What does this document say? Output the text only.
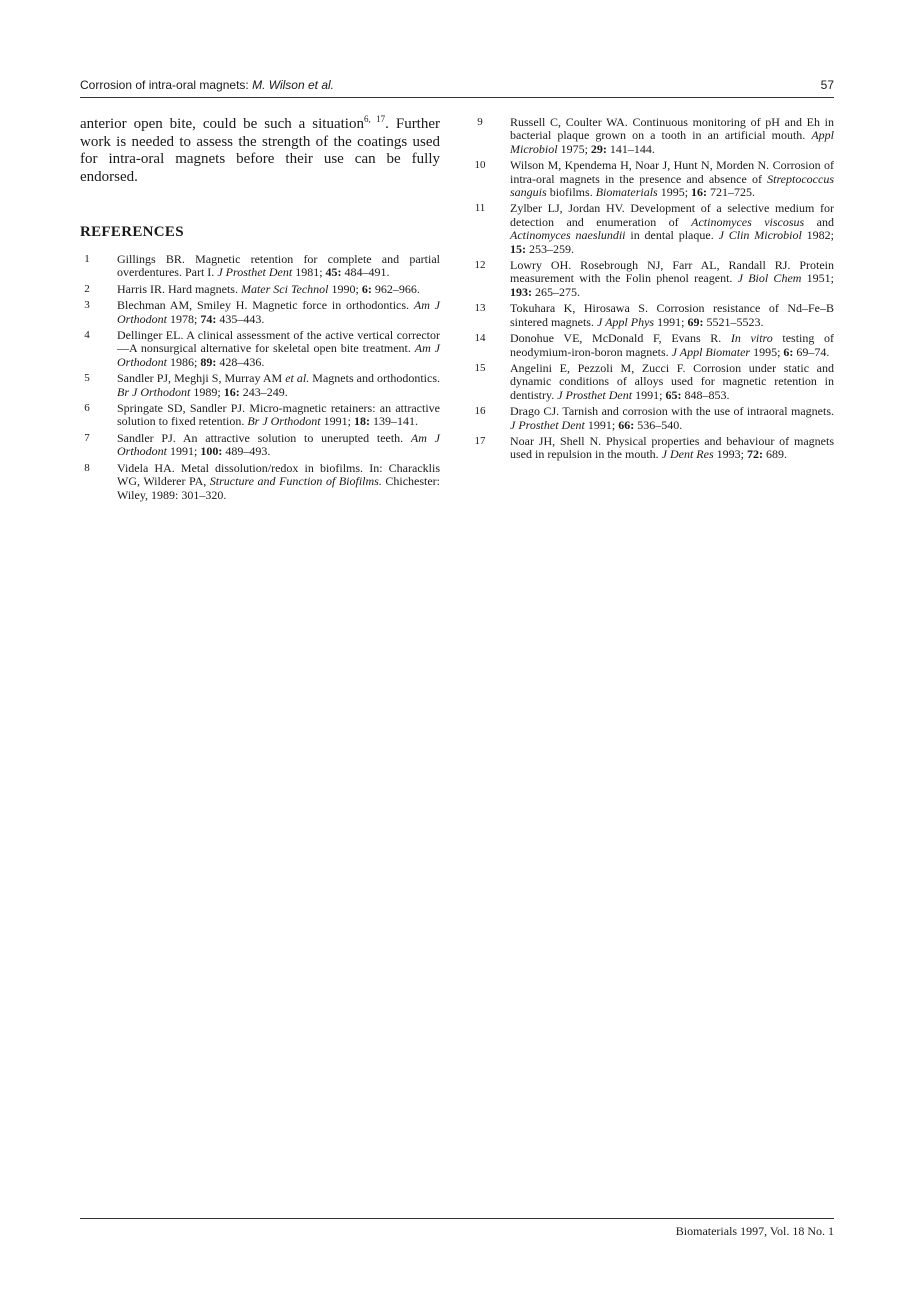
Corrosion of intra-oral magnets: M. Wilson et al.	57

anterior open bite, could be such a situation$^{6, 17}$. Further work is needed to assess the strength of the coatings used for intra-oral magnets before their use can be fully endorsed.

REFERENCES
1	Gillings BR. Magnetic retention for complete and partial overdentures. Part I. J Prosthet Dent 1981; 45: 484–491.
2	Harris IR. Hard magnets. Mater Sci Technol 1990; 6: 962–966.
3	Blechman AM, Smiley H. Magnetic force in orthodontics. Am J Orthodont 1978; 74: 435–443.
4	Dellinger EL. A clinical assessment of the active vertical corrector—A nonsurgical alternative for skeletal open bite treatment. Am J Orthodont 1986; 89: 428–436.
5	Sandler PJ, Meghji S, Murray AM et al. Magnets and orthodontics. Br J Orthodont 1989; 16: 243–249.
6	Springate SD, Sandler PJ. Micro-magnetic retainers: an attractive solution to fixed retention. Br J Orthodont 1991; 18: 139–141.
7	Sandler PJ. An attractive solution to unerupted teeth. Am J Orthodont 1991; 100: 489–493.
8	Videla HA. Metal dissolution/redox in biofilms. In: Characklis WG, Wilderer PA, Structure and Function of Biofilms. Chichester: Wiley, 1989: 301–320.
9	Russell C, Coulter WA. Continuous monitoring of pH and Eh in bacterial plaque grown on a tooth in an artificial mouth. Appl Microbiol 1975; 29: 141–144.
10 Wilson M, Kpendema H, Noar J, Hunt N, Morden N. Corrosion of intra-oral magnets in the presence and absence of Streptococcus sanguis biofilms. Biomaterials 1995; 16: 721–725.
11 Zylber LJ, Jordan HV. Development of a selective medium for detection and enumeration of Actinomyces viscosus and Actinomyces naeslundii in dental plaque. J Clin Microbiol 1982; 15: 253–259.
12 Lowry OH. Rosebrough NJ, Farr AL, Randall RJ. Protein measurement with the Folin phenol reagent. J Biol Chem 1951; 193: 265–275.
13 Tokuhara K, Hirosawa S. Corrosion resistance of Nd–Fe–B sintered magnets. J Appl Phys 1991; 69: 5521–5523.
14 Donohue VE, McDonald F, Evans R. In vitro testing of neodymium-iron-boron magnets. J Appl Biomater 1995; 6: 69–74.
15 Angelini E, Pezzoli M, Zucci F. Corrosion under static and dynamic conditions of alloys used for magnetic retention in dentistry. J Prosthet Dent 1991; 65: 848–853.
16 Drago CJ. Tarnish and corrosion with the use of intraoral magnets. J Prosthet Dent 1991; 66: 536–540.
17 Noar JH, Shell N. Physical properties and behaviour of magnets used in repulsion in the mouth. J Dent Res 1993; 72: 689.
Biomaterials 1997, Vol. 18 No. 1
